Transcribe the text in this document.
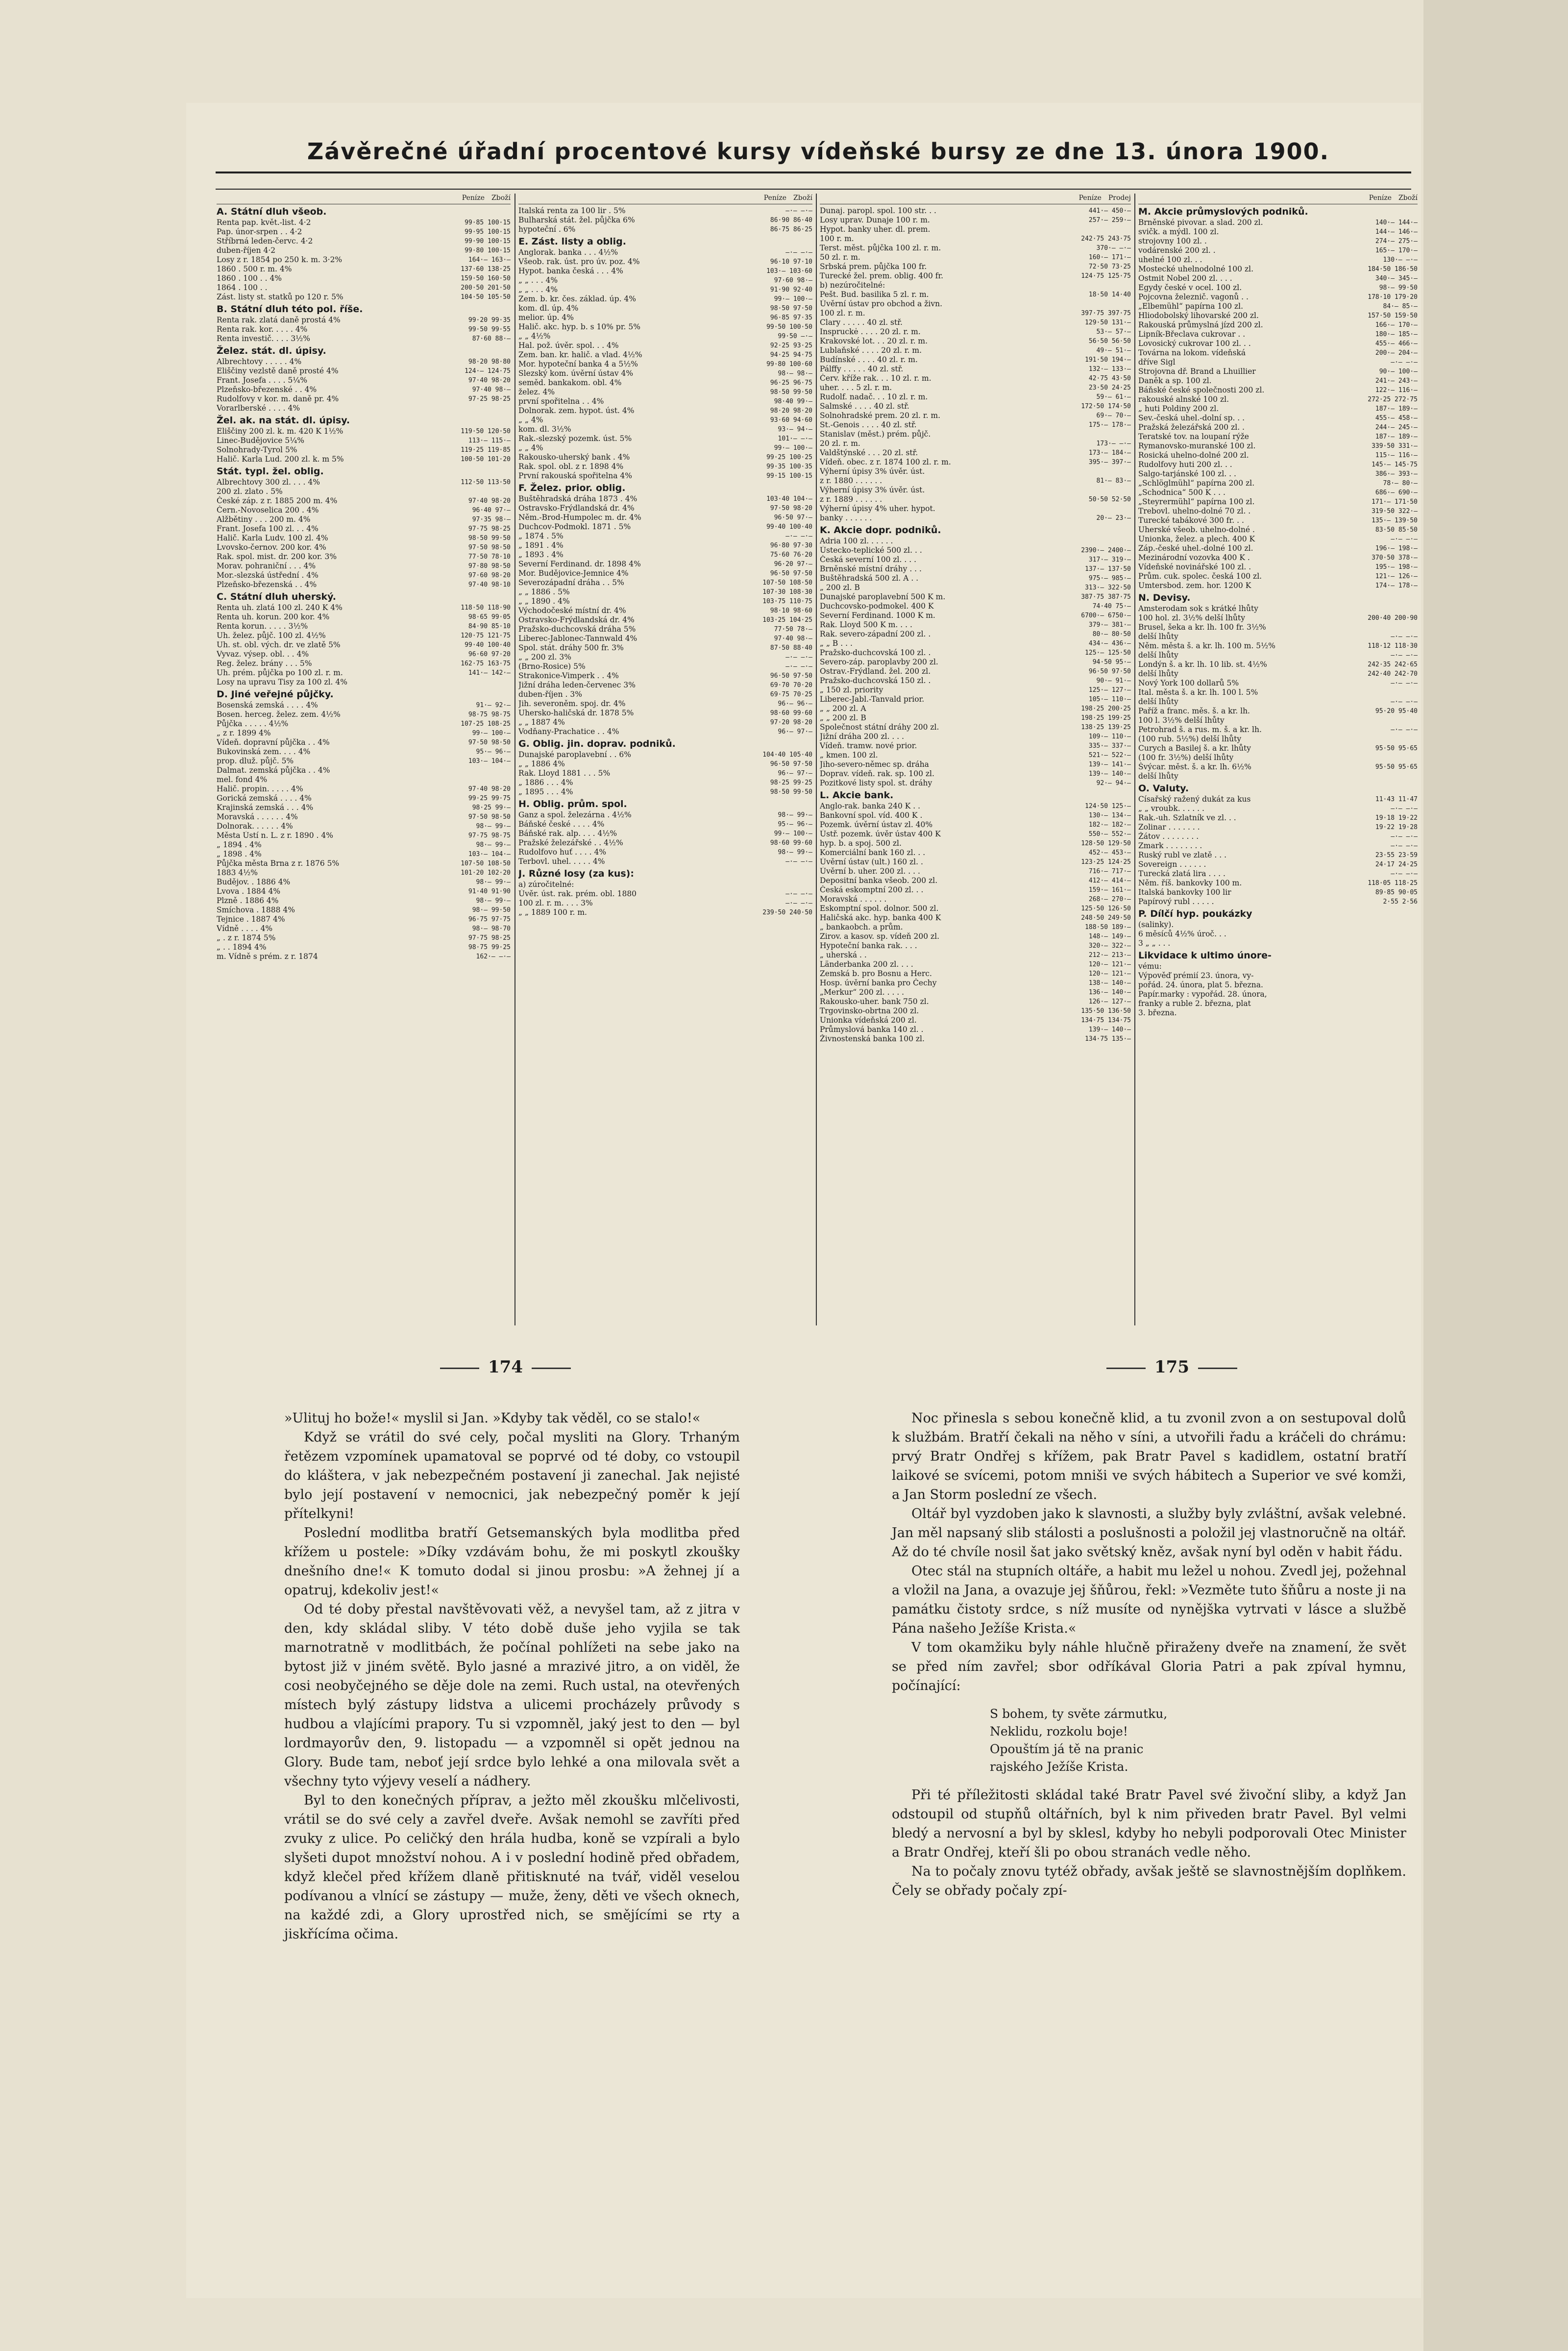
Závěrečné úřadní procentové kursy vídeňské bursy ze dne 13. února 1900.
Peníze Zboží
A. Státní dluh všeob.
Renta pap. květ.-list. 4·2	99·85 100·15
Pap. únor-srpen . . 4·2	99·95 100·15
Stříbrná leden-červc. 4·2	99·90 100·15
duben-říjen 4·2	99·80 100·15
Losy z r. 1854 po 250 k. m. 3·2%	164·— 163·—
1860 . 500 r. m. 4%	137·60 138·25
1860 . 100 . . 4%	159·50 160·50
1864 . 100 . .	200·50 201·50
Zást. listy st. statků po 120 r. 5%	104·50 105·50
B. Státní dluh této pol. říše.
Renta rak. zlatá daně prostá 4%	99·20 99·35
Renta rak. kor. . . . . 4%	99·50 99·55
Renta investič. . . . 3½%	87·60 88·—
Želez. stát. dl. úpisy.
Albrechtovy . . . . . 4%	98·20 98·80
Eliščiny vezlstě daně prosté 4%	124·— 124·75
Frant. Josefa . . . . 5¼%	97·40 98·20
Plzeňsko-březenské . . 4%	97·40 98·—
Rudolfovy v kor. m. daně pr. 4%	97·25 98·25
Vorarlberské . . . . 4%
Žel. ak. na stát. dl. úpisy.
Eliščiny 200 zl. k. m. 420 K 1½%	119·50 120·50
Linec-Budějovice 5¼%	113·— 115·—
Solnohrady-Tyrol 5%	119·25 119·85
Halič. Karla Lud. 200 zl. k. m 5%	100·50 101·20
Stát. typl. žel. oblig.
Albrechtovy 300 zl. . . . 4%	112·50 113·50
200 zl. zlato . 5%
České záp. z r. 1885 200 m. 4%	97·40 98·20
Čern.-Novoselica 200 . 4%	96·40 97·—
Alžbětiny . . . 200 m. 4%	97·35 98·—
Frant. Josefa 100 zl. . . 4%	97·75 98·25
Halič. Karla Ludv. 100 zl. 4%	98·50 99·50
Lvovsko-černov. 200 kor. 4%	97·50 98·50
Rak. spol. mist. dr. 200 kor. 3%	77·50 78·10
Morav. pohraniční . . . 4%	97·80 98·50
Mor.-slezská ústřední . 4%	97·60 98·20
Plzeňsko-březenská . . 4%	97·40 98·10
C. Státní dluh uherský.
Renta uh. zlatá 100 zl. 240 K 4%	118·50 118·90
Renta uh. korun. 200 kor. 4%	98·65 99·05
Renta korun. . . . . 3½%	84·90 85·10
Uh. želez. půjč. 100 zl. 4½%	120·75 121·75
Uh. st. obl. vých. dr. ve zlatě 5%	99·40 100·40
Vyvaz. výsep. obl. . . 4%	96·60 97·20
Reg. želez. brány . . . 5%	162·75 163·75
Uh. prém. půjčka po 100 zl. r. m.	141·— 142·—
Losy na upravu Tisy za 100 zl. 4%
D. Jiné veřejné půjčky.
Bosenská zemská . . . . 4%	91·— 92·—
Bosen. herceg. želez. zem. 4½%	98·75 98·75
Půjčka . . . . . 4½%	107·25 108·25
„ z r. 1899 4%	99·— 100·—
Vídeň. dopravní půjčka . . 4%	97·50 98·50
Bukovinská zem. . . . 4%	95·— 96·—
prop. dluž. půjč. 5%	103·— 104·—
Dalmat. zemská půjčka . . 4%
mel. fond 4%
Halič. propin. . . . . 4%	97·40 98·20
Gorická zemská . . . . 4%	99·25 99·75
Krajinská zemská . . . 4%	98·25 99·—
Moravská . . . . . . 4%	97·50 98·50
Dolnorak. . . . . . 4%	98·— 99·—
Města Ústí n. L. z r. 1890 . 4%	97·75 98·75
„ 1894 . 4%	98·— 99·—
„ 1898 . 4%	103·— 104·—
Půjčka města Brna z r. 1876 5%	107·50 108·50
1883 4½%	101·20 102·20
Budějov. . 1886 4%	98·— 99·—
Lvova . 1884 4%	91·40 91·90
Plzně . 1886 4%	98·— 99·—
Smíchova . 1888 4%	98·— 99·50
Tejnice . 1887 4%	96·75 97·75
Vídně . . . . 4%	98·— 98·70
„ . z r. 1874 5%	97·75 98·25
„ . . 1894 4%	98·75 99·25
m. Vídně s prém. z r. 1874	162·— —·—
Peníze Zboží
Italská renta za 100 lir . 5%	—·— —·—
Bulharská stát. žel. půjčka 6%	86·90 86·40
hypoteční . 6%	86·75 86·25
E. Zást. listy a oblig.
Anglorak. banka . . . 4½%	—·— —·—
Všeob. rak. úst. pro úv. poz. 4%	96·10 97·10
Hypot. banka česká . . . 4%	103·— 103·60
„ „ . . . 4%	97·60 98·—
„ „ . . . 4%	91·90 92·40
Zem. b. kr. čes. základ. úp. 4%	99·— 100·—
kom. dl. úp. 4%	98·50 97·50
melior. úp. 4%	96·85 97·35
Halič. akc. hyp. b. s 10% pr. 5%	99·50 100·50
„ „ 4½%	99·50 —·—
Hal. pož. úvěr. spol. . . 4%	92·25 93·25
Zem. ban. kr. halič. a vlad. 4½%	94·25 94·75
Mor. hypoteční banka 4 a 5½%	99·80 100·60
Slezský kom. úvěrní ústav 4%	98·— 98·—
seměd. bankakom. obl. 4%	96·25 96·75
želez. 4%	98·50 99·50
první spořitelna . . 4%	98·40 99·—
Dolnorak. zem. hypot. úst. 4%	98·20 98·20
„ „ 4%	93·60 94·60
kom. dl. 3½%	93·— 94·—
Rak.-slezský pozemk. úst. 5%	101·— —·—
„ „ 4%	99·— 100·—
Rakousko-uherský bank . 4%	99·25 100·25
Rak. spol. obl. z r. 1898 4%	99·35 100·35
První rakouská spořitelna 4%	99·15 100·15
F. Želez. prior. oblig.
Buštěhradská dráha 1873 . 4%	103·40 104·—
Ostravsko-Frýdlandská dr. 4%	97·50 98·20
Něm.-Brod-Humpolec m. dr. 4%	96·50 97·—
Duchcov-Podmokl. 1871 . 5%	99·40 100·40
„ 1874 . 5%	—·— —·—
„ 1891 . 4%	96·80 97·30
„ 1893 . 4%	75·60 76·20
Severní Ferdinand. dr. 1898 4%	96·20 97·—
Mor. Budějovice-Jemnice 4%	96·50 97·50
Severozápadní dráha . . 5%	107·50 108·50
„ „ 1886 . 5%	107·30 108·30
„ „ 1890 . 4%	103·75 110·75
Východočeské místní dr. 4%	98·10 98·60
Ostravsko-Frýdlandská dr. 4%	103·25 104·25
Pražsko-duchcovská dráha 5%	77·50 78·—
Liberec-Jablonec-Tannwald 4%	97·40 98·—
Spol. stát. dráhy 500 fr. 3%	87·50 88·40
„ „ 200 zl. 3%	—·— —·—
(Brno-Rosice) 5%	—·— —·—
Strakonice-Vimperk . . 4%	96·50 97·50
Jižní dráha leden-červenec 3%	69·70 70·20
duben-říjen . 3%	69·75 70·25
Jih. severoněm. spoj. dr. 4%	96·— 96·—
Uhersko-haličská dr. 1878 5%	98·60 99·60
„ „ 1887 4%	97·20 98·20
Vodňany-Prachatice . . 4%	96·— 97·—
G. Oblig. jin. doprav. podniků.
Dunajské paroplavební . . 6%	104·40 105·40
„ „ 1886 4%	96·50 97·50
Rak. Lloyd 1881 . . . 5%	96·— 97·—
„ 1886 . . . 4%	98·25 99·25
„ 1895 . . . 4%	98·50 99·50
H. Oblig. prům. spol.
Ganz a spol. železárna . 4½%	98·— 99·—
Báňské české . . . . 4%	95·— 96·—
Báňské rak. alp. . . . 4½%	99·— 100·—
Pražské železářské . . 4½%	98·60 99·60
Rudolfovo huť . . . . 4%	98·— 99·—
Terbovl. uhel. . . . . 4%	—·— —·—
J. Různé losy (za kus):
a) zúročitelné:
Úvěr. úst. rak. prém. obl. 1880	—·— —·—
100 zl. r. m. . . . 3%	—·— —·—
„ „ 1889 100 r. m.	239·50 240·50
Peníze Prodej
Dunaj. paropl. spol. 100 str. . .	441·— 450·—
Losy uprav. Dunaje 100 r. m.	257·— 259·—
Hypot. banky uher. dl. prem.
100 r. m.	242·75 243·75
Terst. měst. půjčka 100 zl. r. m.	370·— —·—
50 zl. r. m.	160·— 171·—
Srbská prem. půjčka 100 fr.	72·50 73·25
Turecké žel. prem. oblig. 400 fr.	124·75 125·75
b) nezúročitelné:
Pešt. Bud. basilika 5 zl. r. m.	18·50 14·40
Úvěrní ústav pro obchod a živn.
100 zl. r. m.	397·75 397·75
Clary . . . . . 40 zl. stř.	129·50 131·—
Inspruckė . . . . 20 zl. r. m.	53·— 57·—
Krakovské lot. . . 20 zl. r. m.	56·50 56·50
Lublaňské . . . . 20 zl. r. m.	49·— 51·—
Budínské . . . . 40 zl. r. m.	191·50 194·—
Pálffy . . . . . 40 zl. stř.	132·— 133·—
Červ. kříže rak. . . 10 zl. r. m.	42·75 43·50
uher. . . . 5 zl. r. m.	23·50 24·25
Rudolf. nadač. . . 10 zl. r. m.	59·— 61·—
Salmské . . . . 40 zl. stř.	172·50 174·50
Solnohradské prem. 20 zl. r. m.	69·— 70·—
St.-Genois . . . . 40 zl. stř.	175·— 178·—
Stanislav (měst.) prém. půjč.
20 zl. r. m.	173·— —·—
Valdštýnské . . . 20 zl. stř.	173·— 184·—
Vídeň. obec. z r. 1874 100 zl. r. m.	395·— 397·—
Výherní úpisy 3% úvěr. úst.
z r. 1880 . . . . . .	81·— 83·—
Výherní úpisy 3% úvěr. úst.
z r. 1889 . . . . . .	50·50 52·50
Výherní úpisy 4% uher. hypot.
banky . . . . . .	20·— 23·—
K. Akcie dopr. podniků.
Adria 100 zl. . . . . .
Ústecko-teplické 500 zl. . .	2390·— 2400·—
Česká severní 100 zl. . . .	317·— 319·—
Brněnské místní dráhy . . .	137·— 137·50
Buštěhradská 500 zl. A . .	975·— 985·—
„ 200 zl. B	313·— 322·50
Dunajské paroplavební 500 K m.	387·75 387·75
Duchcovsko-podmokel. 400 K	74·40 75·—
Severní Ferdinand. 1000 K m.	6700·— 6750·—
Rak. Lloyd 500 K m. . . .	379·— 381·—
Rak. severo-západní 200 zl. .	80·— 80·50
„ „ B . . .	434·— 436·—
Pražsko-duchcovská 100 zl. .	125·— 125·50
Severo-záp. paroplavby 200 zl.	94·50 95·—
Ostrav.-Frýdland. žel. 200 zl.	96·50 97·50
Pražsko-duchcovská 150 zl. .	90·— 91·—
„ 150 zl. priority	125·— 127·—
Liberec-Jabl.-Tanvald prior.	105·— 110·—
„ „ 200 zl. A	198·25 200·25
„ „ 200 zl. B	198·25 199·25
Společnost státní dráhy 200 zl.	138·25 139·25
Jižní dráha 200 zl. . . .	109·— 110·—
Vídeň. tramw. nové prior.	335·— 337·—
„ kmen. 100 zl.	521·— 522·—
Jiho-severo-němec sp. dráha	139·— 141·—
Doprav. vídeň. rak. sp. 100 zl.	139·— 140·—
Pozitkové listy spol. st. dráhy	92·— 94·—
L. Akcie bank.
Anglo-rak. banka 240 K . .	124·50 125·—
Bankovní spol. víd. 400 K .	130·— 134·—
Pozemk. úvěrní ústav zl. 40%	182·— 182·—
Ústř. pozemk. úvěr ústav 400 K	550·— 552·—
hyp. b. a spoj. 500 zl.	128·50 129·50
Komerciální bank 160 zl. . .	452·— 453·—
Úvěrní ústav (ult.) 160 zl. .	123·25 124·25
Úvěrní b. uher. 200 zl. . . .	716·— 717·—
Depositní banka všeob. 200 zl.	412·— 414·—
Česká eskomptní 200 zl. . .	159·— 161·—
Moravská . . . . . .	268·— 270·—
Eskomptní spol. dolnor. 500 zl.	125·50 126·50
Haličská akc. hyp. banka 400 K	248·50 249·50
„ bankaobch. a prům.	188·50 189·—
Zirov. a kasov. sp. vídeň 200 zl.	148·— 149·—
Hypoteční banka rak. . . .	320·— 322·—
„ uherská . .	212·— 213·—
Länderbanka 200 zl. . . .	120·— 121·—
Zemská b. pro Bosnu a Herc.	120·— 121·—
Hosp. úvěrní banka pro Čechy	138·— 140·—
„Merkur“ 200 zl. . . . .	136·— 140·—
Rakousko-uher. bank 750 zl.	126·— 127·—
Trgovinsko-obrtna 200 zl.	135·50 136·50
Unionka vídeňská 200 zl.	134·75 134·75
Průmyslová banka 140 zl. .	139·— 140·—
Živnostenská banka 100 zl.	134·75 135·—
Peníze Zboží
M. Akcie průmyslových podniků.
Brněnské pivovar. a slad. 200 zl.	140·— 144·—
svičk. a mýdl. 100 zl.	144·— 146·—
strojovny 100 zl. .	274·— 275·—
vodárenské 200 zl. .	165·— 170·—
uhelné 100 zl. . .	130·— —·—
Mostecké uhelnodolné 100 zl.	184·50 186·50
Ostmit Nobel 200 zl. . . .	340·— 345·—
Egydy české v ocel. 100 zl.	98·— 99·50
Pojcovna železnič. vagonů . .	178·10 179·20
„Elbemühl“ papírna 100 zl.	84·— 85·—
Hliodobolský lihovarské 200 zl.	157·50 159·50
Rakouská průmyslná jízd 200 zl.	166·— 170·—
Lipník-Břeclava cukrovar . .	180·— 185·—
Lovosický cukrovar 100 zl. . .	455·— 466·—
Továrna na lokom. vídeňská	200·— 204·—
dříve Sigl	—·— —·—
Strojovna dř. Brand a Lhuillier	90·— 100·—
Daněk a sp. 100 zl.	241·— 243·—
Báňské české společnosti 200 zl.	122·— 116·—
rakouské alnské 100 zl.	272·25 272·75
„ huti Poldiny 200 zl.	187·— 189·—
Sev.-česká uhel.-dolní sp. . .	455·— 458·—
Pražská železářská 200 zl. .	244·— 245·—
Teratské tov. na loupaní rýže	187·— 189·—
Rymanovsko-muranské 100 zl.	339·50 331·—
Rosická uhelno-dolné 200 zl.	115·— 116·—
Rudolfovy huti 200 zl. . .	145·— 145·75
Salgo-tarjánské 100 zl. . .	386·— 393·—
„Schlöglmühl“ papírna 200 zl.	78·— 80·—
„Schodnica“ 500 K . . .	686·— 690·—
„Steyrermühl“ papírna 100 zl.	171·— 171·50
Trebovl. uhelno-dolné 70 zl. .	319·50 322·—
Turecké tabákové 300 fr. . .	135·— 139·50
Uherské všeob. uhelno-dolné .	83·50 85·50
Unionka, želez. a plech. 400 K	—·— —·—
Záp.-české uhel.-dolné 100 zl.	196·— 198·—
Mezinárodní vozovka 400 K .	370·50 378·—
Vídeňské novinářské 100 zl. .	195·— 198·—
Prům. cuk. spolec. česká 100 zl.	121·— 126·—
Umtersbod. zem. hor. 1200 K	174·— 178·—
N. Devisy.
Amsterodam sok s krátké lhůty
100 hol. zl. 3½% delší lhůty	200·40 200·90
Brusel, šeka a kr. lh. 100 fr. 3½%
delší lhůty	—·— —·—
Něm. města š. a kr. lh. 100 m. 5½%	118·12 118·30
delší lhůty	—·— —·—
Londýn š. a kr. lh. 10 lib. st. 4½%	242·35 242·65
delší lhůty	242·40 242·70
Nový York 100 dollarů 5%	—·— —·—
Ital. města š. a kr. lh. 100 l. 5%
delší lhůty	—·— —·—
Paříž a franc. měs. š. a kr. lh.	95·20 95·40
100 l. 3½% delší lhůty
Petrohrad š. a rus. m. š. a kr. lh.	—·— —·—
(100 rub. 5½%) delší lhůty
Curych a Basilej š. a kr. lhůty	95·50 95·65
(100 fr. 3½%) delší lhůty
Švýcar. měst. š. a kr. lh. 6½%	95·50 95·65
delší lhůty
O. Valuty.
Císařský ražený dukát za kus	11·43 11·47
„ „ vroubk. . . . . .	—·— —·—
Rak.-uh. Szlatník ve zl. . .	19·18 19·22
Zolinar . . . . . . .	19·22 19·28
Žátov . . . . . . . .	—·— —·—
Zmark . . . . . . . .	—·— —·—
Ruský rubl ve zlatě . . .	23·55 23·59
Sovereign . . . . . .	24·17 24·25
Turecká zlatá lira . . . .	—·— —·—
Něm. říš. bankovky 100 m.	118·05 118·25
Italská bankovky 100 lir	89·85 90·05
Papírový rubl . . . . .	2·55 2·56
P. Dílčí hyp. poukázky
(salinky).
6 měsíců 4½% úroč. . .
3 „ „ . . .
Likvidace k ultimo únore-
vému:
Výpověď prémií 23. února, vy-
pořád. 24. února, plat 5. března.
Papír.marky : vypořád. 28. února,
franky a ruble 2. března, plat
3. března.
174	175

»Ulituj ho bože!« myslil si Jan. »Kdyby tak věděl, co se stalo!«

Když se vrátil do své cely, počal mysliti na Glory. Trhaným řetězem vzpomínek upamatoval se poprvé od té doby, co vstoupil do kláštera, v jak nebezpečném postavení ji zanechal. Jak nejisté bylo její postavení v nemocnici, jak nebezpečný poměr k její přítelkyni!

Poslední modlitba bratří Getsemanských byla modlitba před křížem u postele: »Díky vzdávám bohu, že mi poskytl zkoušky dnešního dne!« K tomuto dodal si jinou prosbu: »A žehnej jí a opatruj, kdekoliv jest!«

Od té doby přestal navštěvovati věž, a nevyšel tam, až z jitra v den, kdy skládal sliby. V této době duše jeho vyjila se tak marnotratně v modlitbách, že počínal pohlížeti na sebe jako na bytost již v jiném světě. Bylo jasné a mrazivé jitro, a on viděl, že cosi neobyčejného se děje dole na zemi. Ruch ustal, na otevřených místech bylý zástupy lidstva a ulicemi procházely průvody s hudbou a vlajícími prapory. Tu si vzpomněl, jaký jest to den — byl lordmayorův den, 9. listopadu — a vzpomněl si opět jednou na Glory. Bude tam, neboť její srdce bylo lehké a ona milovala svět a všechny tyto výjevy veselí a nádhery.

Byl to den konečných příprav, a ježto měl zkoušku mlčelivosti, vrátil se do své cely a zavřel dveře. Avšak nemohl se zavříti před zvuky z ulice. Po celičký den hrála hudba, koně se vzpírali a bylo slyšeti dupot množství nohou. A i v poslední hodině před obřadem, když klečel před křížem dlaně přitisknuté na tvář, viděl veselou podívanou a vlnící se zástupy — muže, ženy, děti ve všech oknech, na každé zdi, a Glory uprostřed nich, se smějícími se rty a jiskřícíma očima.

Noc přinesla s sebou konečně klid, a tu zvonil zvon a on sestupoval dolů k službám. Bratří čekali na něho v síni, a utvořili řadu a kráčeli do chrámu: prvý Bratr Ondřej s křížem, pak Bratr Pavel s kadidlem, ostatní bratří laikové se svícemi, potom mniši ve svých hábitech a Superior ve své komži, a Jan Storm poslední ze všech.

Oltář byl vyzdoben jako k slavnosti, a služby byly zvláštní, avšak velebné. Jan měl napsaný slib stálosti a poslušnosti a položil jej vlastnoručně na oltář. Až do té chvíle nosil šat jako světský kněz, avšak nyní byl oděn v habit řádu.

Otec stál na stupních oltáře, a habit mu ležel u nohou. Zvedl jej, požehnal a vložil na Jana, a ovazuje jej šňůrou, řekl: »Vezměte tuto šňůru a noste ji na památku čistoty srdce, s níž musíte od nynějška vytrvati v lásce a službě Pána našeho Ježíše Krista.«

V tom okamžiku byly náhle hlučně přiraženy dveře na znamení, že svět se před ním zavřel; sbor odříkával Gloria Patri a pak zpíval hymnu, počínající:

S bohem, ty světe zármutku,
Neklidu, rozkolu boje!
Opouštím já tě na pranic
rajského Ježíše Krista.

Při té příležitosti skládal také Bratr Pavel své živoční sliby, a když Jan odstoupil od stupňů oltářních, byl k nim přiveden bratr Pavel. Byl velmi bledý a nervosní a byl by sklesl, kdyby ho nebyli podporovali Otec Minister a Bratr Ondřej, kteří šli po obou stranách vedle něho.

Na to počaly znovu tytéž obřady, avšak ještě se slavnostnějším doplňkem. Čely se obřady počaly zpí-
